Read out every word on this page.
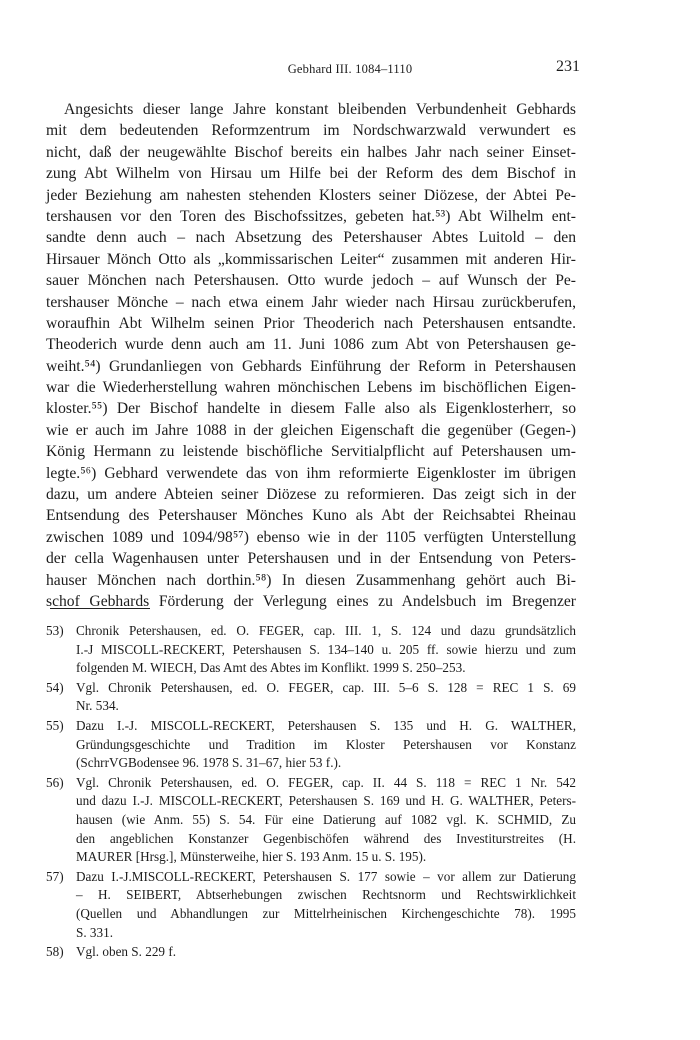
Gebhard III. 1084–1110	231
Angesichts dieser lange Jahre konstant bleibenden Verbundenheit Gebhards
mit dem bedeutenden Reformzentrum im Nordschwarzwald verwundert es
nicht, daß der neugewählte Bischof bereits ein halbes Jahr nach seiner Einset-
zung Abt Wilhelm von Hirsau um Hilfe bei der Reform des dem Bischof in
jeder Beziehung am nahesten stehenden Klosters seiner Diözese, der Abtei Pe-
tershausen vor den Toren des Bischofssitzes, gebeten hat.⁵³) Abt Wilhelm ent-
sandte denn auch – nach Absetzung des Petershauser Abtes Luitold – den
Hirsauer Mönch Otto als „kommissarischen Leiter“ zusammen mit anderen Hir-
sauer Mönchen nach Petershausen. Otto wurde jedoch – auf Wunsch der Pe-
tershauser Mönche – nach etwa einem Jahr wieder nach Hirsau zurückberufen,
woraufhin Abt Wilhelm seinen Prior Theoderich nach Petershausen entsandte.
Theoderich wurde denn auch am 11. Juni 1086 zum Abt von Petershausen ge-
weiht.⁵⁴) Grundanliegen von Gebhards Einführung der Reform in Petershausen
war die Wiederherstellung wahren mönchischen Lebens im bischöflichen Eigen-
kloster.⁵⁵) Der Bischof handelte in diesem Falle also als Eigenklosterherr, so
wie er auch im Jahre 1088 in der gleichen Eigenschaft die gegenüber (Gegen-)
König Hermann zu leistende bischöfliche Servitialpflicht auf Petershausen um-
legte.⁵⁶) Gebhard verwendete das von ihm reformierte Eigenkloster im übrigen
dazu, um andere Abteien seiner Diözese zu reformieren. Das zeigt sich in der
Entsendung des Petershauser Mönches Kuno als Abt der Reichsabtei Rheinau
zwischen 1089 und 1094/98⁵⁷) ebenso wie in der 1105 verfügten Unterstellung
der cella Wagenhausen unter Petershausen und in der Entsendung von Peters-
hauser Mönchen nach dorthin.⁵⁸) In diesen Zusammenhang gehört auch Bi-
schof Gebhards Förderung der Verlegung eines zu Andelsbuch im Bregenzer
53) Chronik Petershausen, ed. O. FEGER, cap. III. 1, S. 124 und dazu grundsätzlich
I.-J MISCOLL-RECKERT, Petershausen S. 134–140 u. 205 ff. sowie hierzu und zum
folgenden M. WIECH, Das Amt des Abtes im Konflikt. 1999 S. 250–253.
54) Vgl. Chronik Petershausen, ed. O. FEGER, cap. III. 5–6 S. 128 = REC 1 S. 69
Nr. 534.
55) Dazu I.-J. MISCOLL-RECKERT, Petershausen S. 135 und H. G. WALTHER,
Gründungsgeschichte und Tradition im Kloster Petershausen vor Konstanz
(SchrrVGBodensee 96. 1978 S. 31–67, hier 53 f.).
56) Vgl. Chronik Petershausen, ed. O. FEGER, cap. II. 44 S. 118 = REC 1 Nr. 542
und dazu I.-J. MISCOLL-RECKERT, Petershausen S. 169 und H. G. WALTHER, Peters-
hausen (wie Anm. 55) S. 54. Für eine Datierung auf 1082 vgl. K. SCHMID, Zu
den angeblichen Konstanzer Gegenbischöfen während des Investiturstreites (H.
MAURER [Hrsg.], Münsterweihe, hier S. 193 Anm. 15 u. S. 195).
57) Dazu I.-J.MISCOLL-RECKERT, Petershausen S. 177 sowie – vor allem zur Datierung
– H. SEIBERT, Abtserhebungen zwischen Rechtsnorm und Rechtswirklichkeit
(Quellen und Abhandlungen zur Mittelrheinischen Kirchengeschichte 78). 1995
S. 331.
58) Vgl. oben S. 229 f.
